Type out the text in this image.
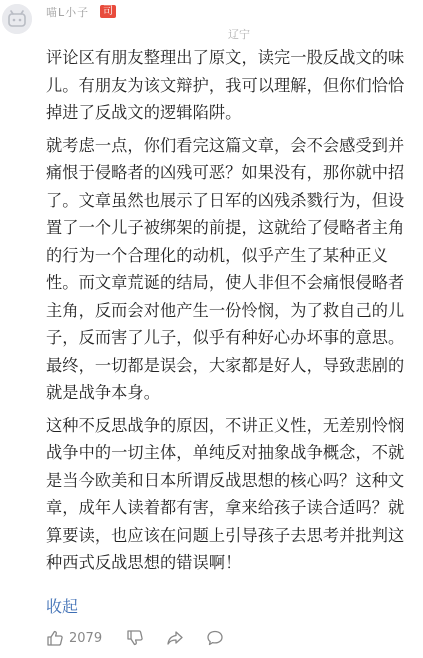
喵L小子	司
辽宁

评论区有朋友整理出了原文，读完一股反战文的味儿。有朋友为该文辩护，我可以理解，但你们恰恰掉进了反战文的逻辑陷阱。

就考虑一点，你们看完这篇文章，会不会感受到并痛恨于侵略者的凶残可恶？如果没有，那你就中招了。文章虽然也展示了日军的凶残杀戮行为，但设置了一个儿子被绑架的前提，这就给了侵略者主角的行为一个合理化的动机，似乎产生了某种正义性。而文章荒诞的结局，使人非但不会痛恨侵略者主角，反而会对他产生一份怜悯，为了救自己的儿子，反而害了儿子，似乎有种好心办坏事的意思。最终，一切都是误会，大家都是好人，导致悲剧的就是战争本身。

这种不反思战争的原因，不讲正义性，无差别怜悯战争中的一切主体，单纯反对抽象战争概念，不就是当今欧美和日本所谓反战思想的核心吗？这种文章，成年人读着都有害，拿来给孩子读合适吗？就算要读，也应该在问题上引导孩子去思考并批判这种西式反战思想的错误啊！

收起
2079
